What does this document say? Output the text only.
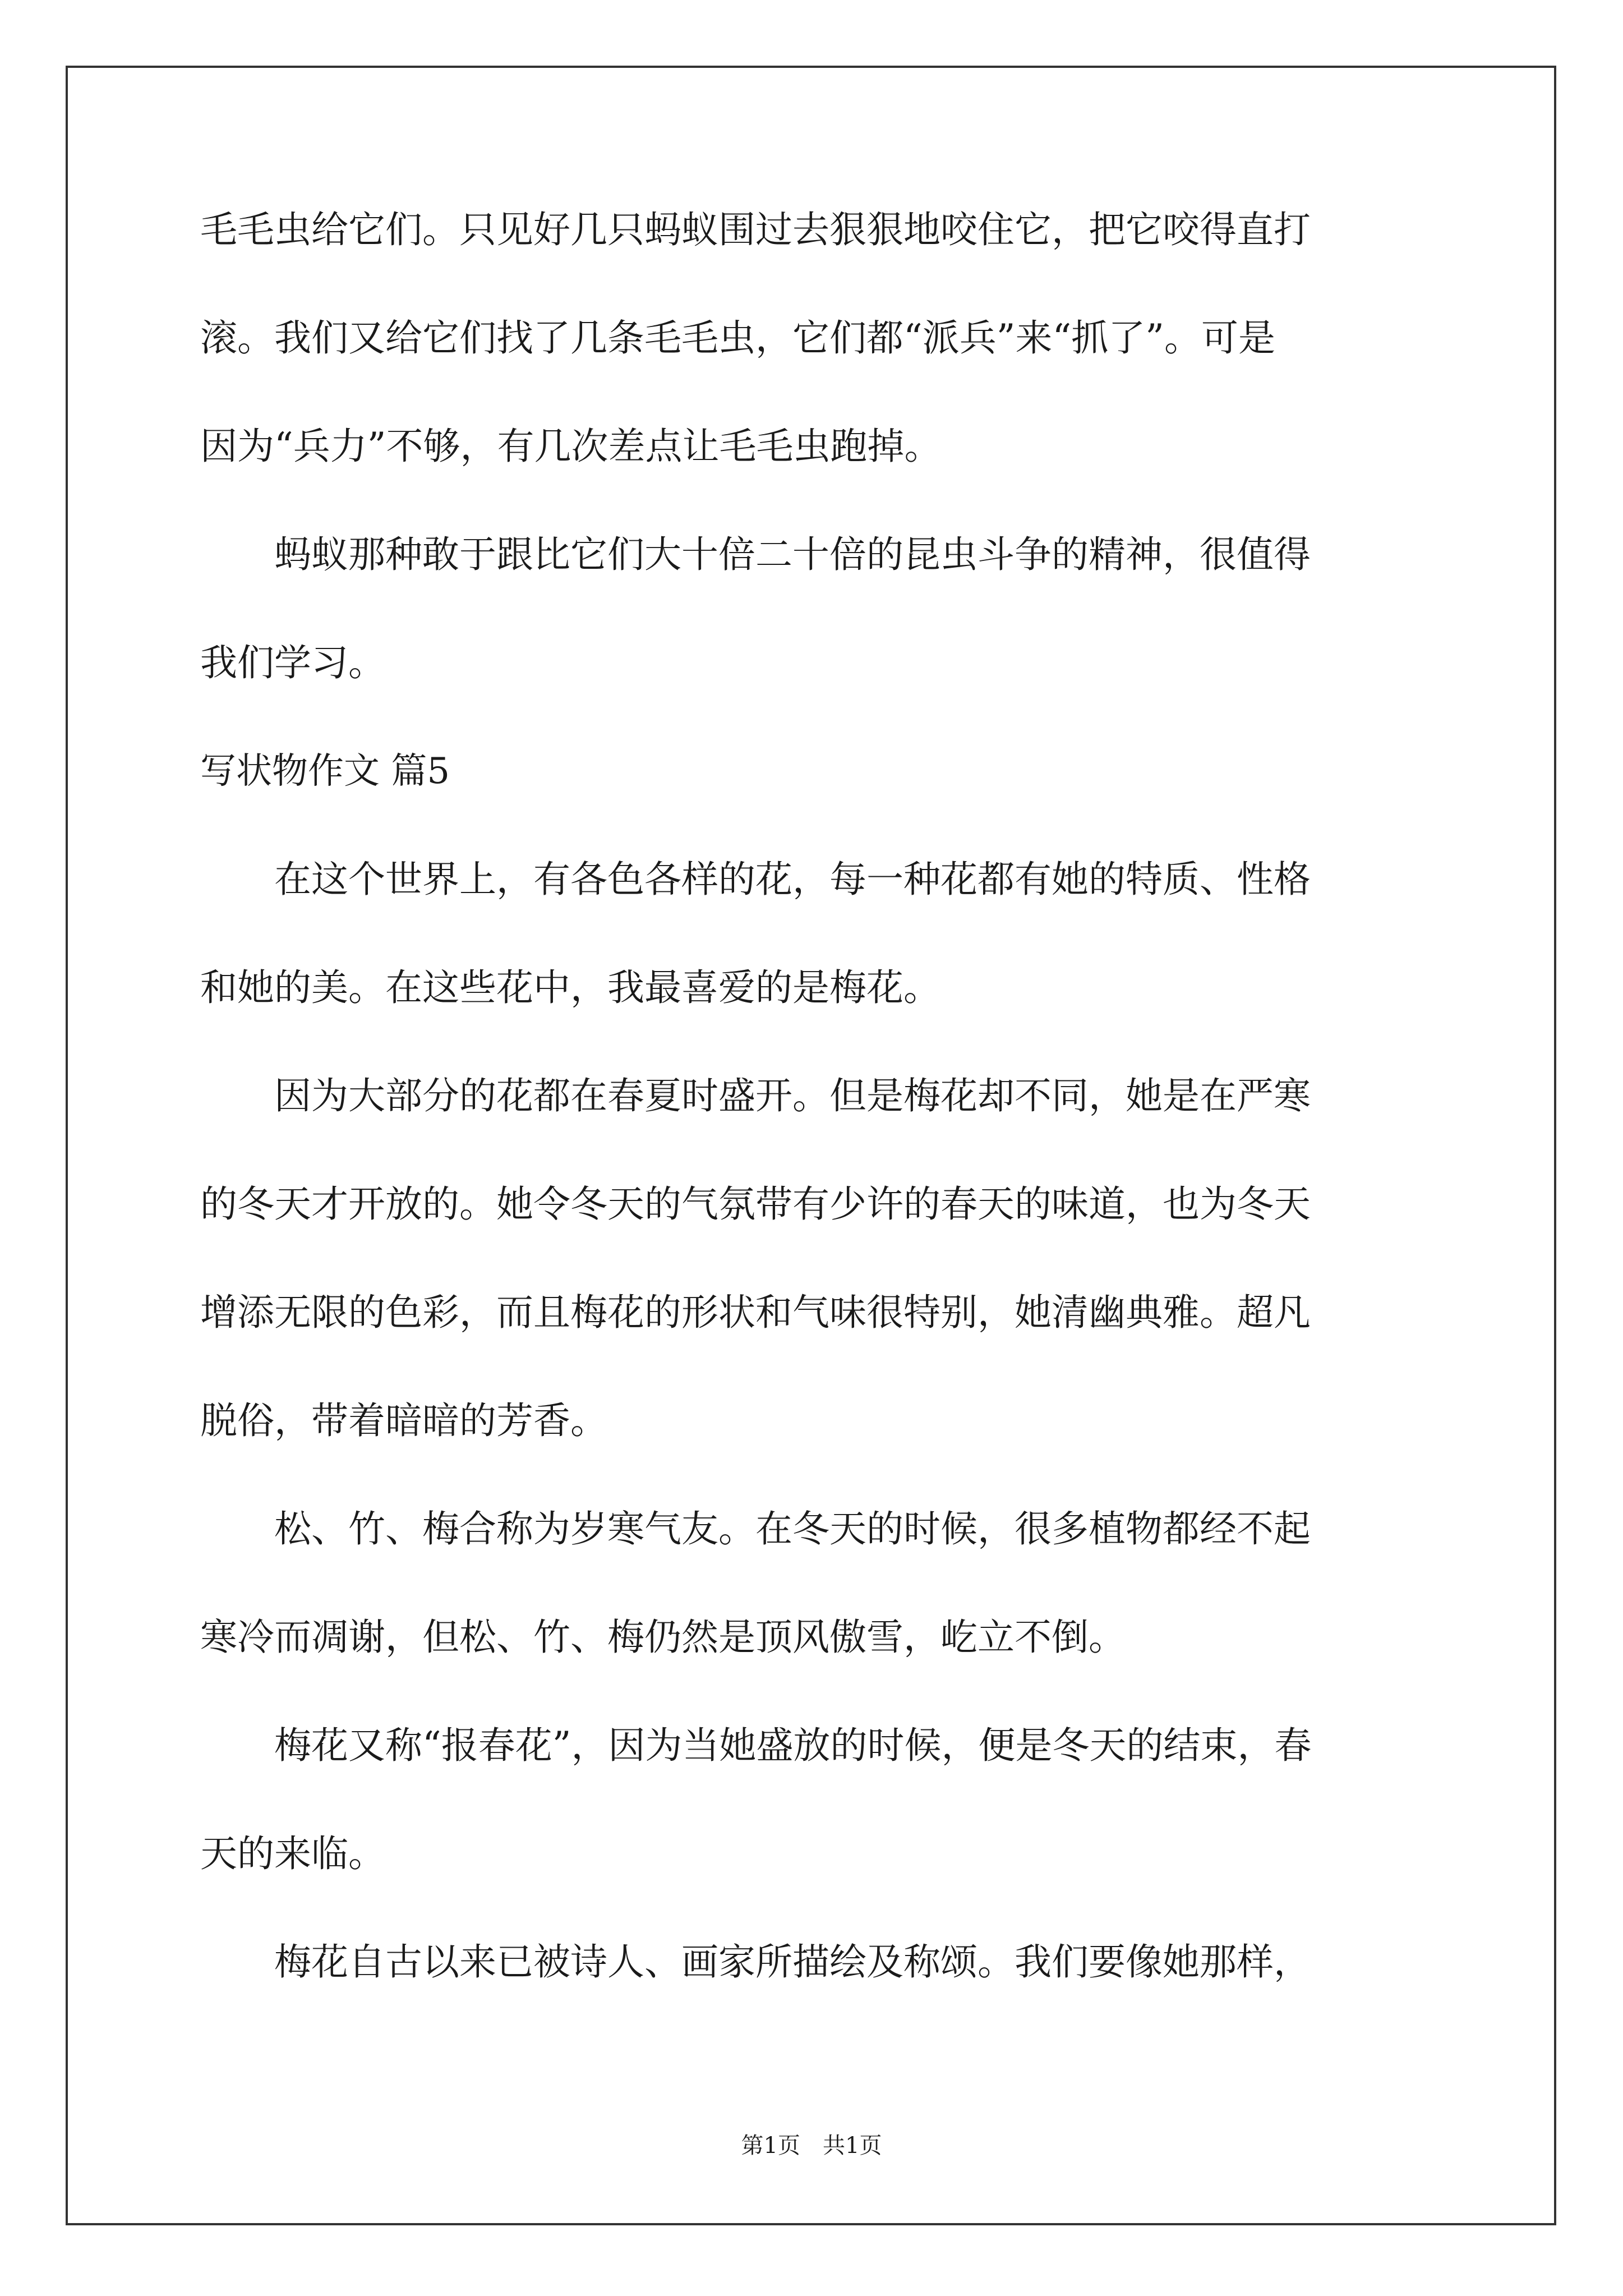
毛毛虫给它们。只见好几只蚂蚁围过去狠狠地咬住它，把它咬得直打
滚。我们又给它们找了几条毛毛虫，它们都“派兵”来“抓了”。可是
因为“兵力”不够，有几次差点让毛毛虫跑掉。
　　蚂蚁那种敢于跟比它们大十倍二十倍的昆虫斗争的精神，很值得
我们学习。
写状物作文 篇5
　　在这个世界上，有各色各样的花，每一种花都有她的特质、性格
和她的美。在这些花中，我最喜爱的是梅花。
　　因为大部分的花都在春夏时盛开。但是梅花却不同，她是在严寒
的冬天才开放的。她令冬天的气氛带有少许的春天的味道，也为冬天
增添无限的色彩，而且梅花的形状和气味很特别，她清幽典雅。超凡
脱俗，带着暗暗的芳香。
　　松、竹、梅合称为岁寒气友。在冬天的时候，很多植物都经不起
寒冷而凋谢，但松、竹、梅仍然是顶风傲雪，屹立不倒。
　　梅花又称“报春花”，因为当她盛放的时候，便是冬天的结束，春
天的来临。
　　梅花自古以来已被诗人、画家所描绘及称颂。我们要像她那样，
第1页　共1页
